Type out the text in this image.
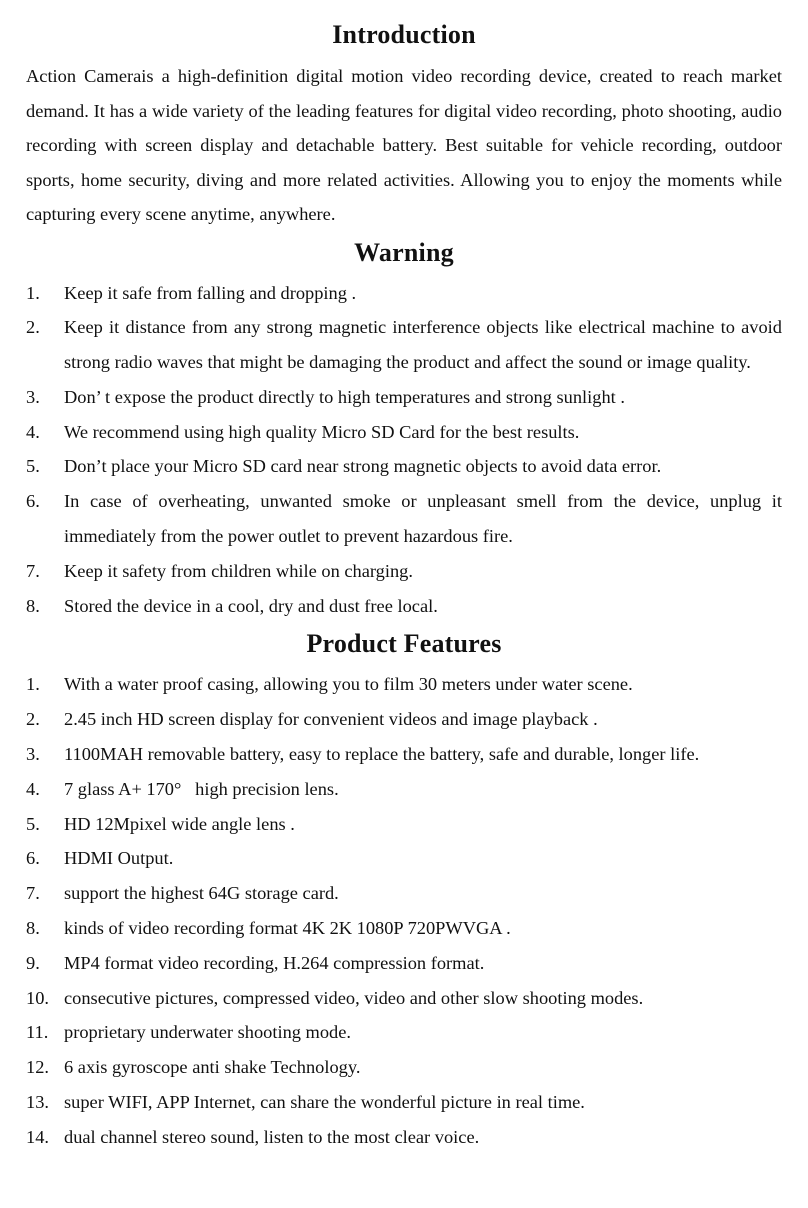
Introduction

Action Camerais a high-definition digital motion video recording device, created to reach market demand. It has a wide variety of the leading features for digital video recording, photo shooting, audio recording with screen display and detachable battery. Best suitable for vehicle recording, outdoor sports, home security, diving and more related activities. Allowing you to enjoy the moments while capturing every scene anytime, anywhere.

Warning
1.	Keep it safe from falling and dropping .
2.	Keep it distance from any strong magnetic interference objects like electrical machine to avoid strong radio waves that might be damaging the product and affect the sound or image quality.
3.	Don’ t expose the product directly to high temperatures and strong sunlight .
4.	We recommend using high quality Micro SD Card for the best results.
5.	Don’t place your Micro SD card near strong magnetic objects to avoid data error.
6.	In case of overheating, unwanted smoke or unpleasant smell from the device, unplug it immediately from the power outlet to prevent hazardous fire.
7.	Keep it safety from children while on charging.
8.	Stored the device in a cool, dry and dust free local.
Product Features
1.	With a water proof casing, allowing you to film 30 meters under water scene.
2.	2.45 inch HD screen display for convenient videos and image playback .
3.	1100MAH removable battery, easy to replace the battery, safe and durable, longer life.
4.	7 glass A+ 170°   high precision lens.
5.	HD 12Mpixel wide angle lens .
6.	HDMI Output.
7.	support the highest 64G storage card.
8.	kinds of video recording format 4K 2K 1080P 720PWVGA .
9.	MP4 format video recording, H.264 compression format.
10. consecutive pictures, compressed video, video and other slow shooting modes.
11. proprietary underwater shooting mode.
12. 6 axis gyroscope anti shake Technology.
13. super WIFI, APP Internet, can share the wonderful picture in real time.
14. dual channel stereo sound, listen to the most clear voice.
